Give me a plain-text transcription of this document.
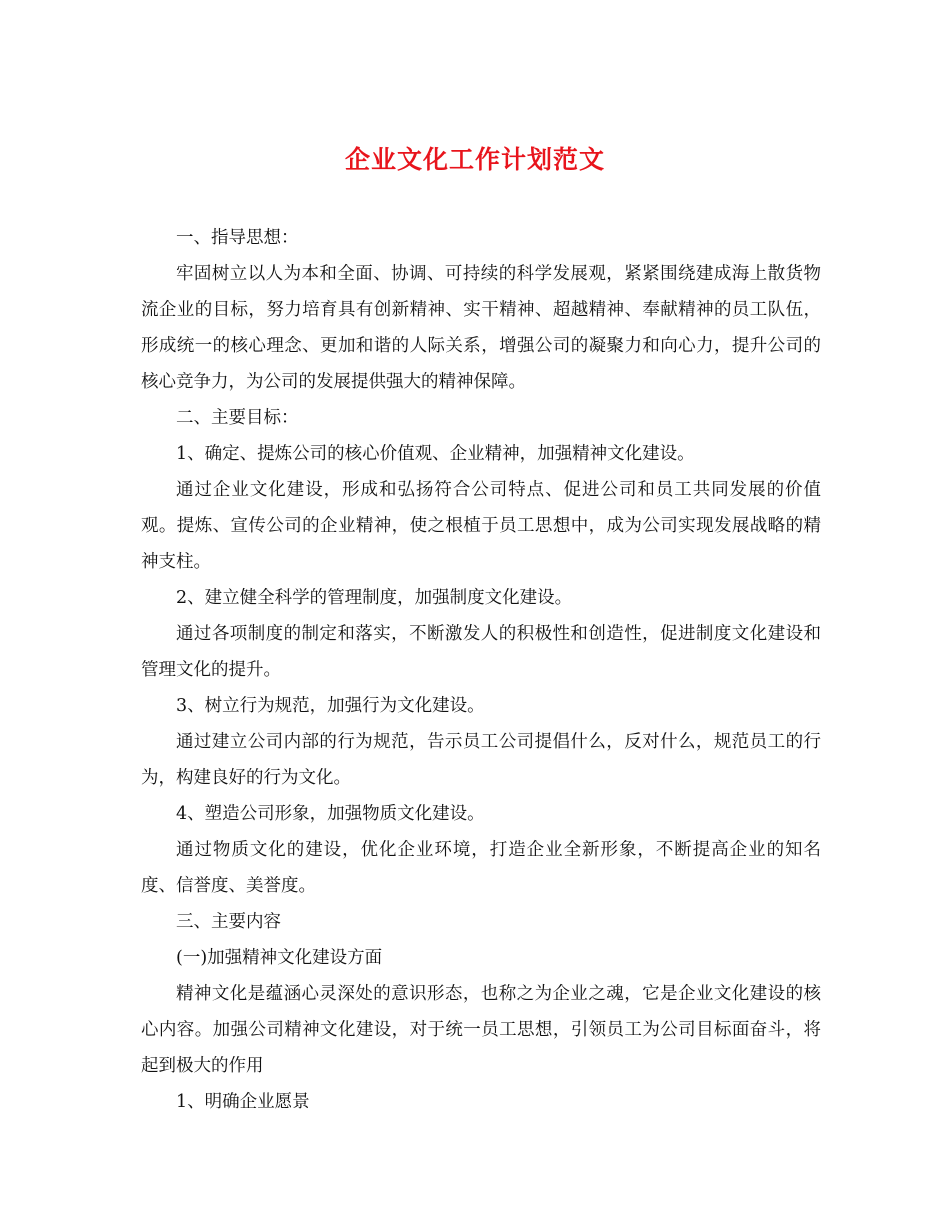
企业文化工作计划范文

一、指导思想：

牢固树立以人为本和全面、协调、可持续的科学发展观，紧紧围绕建成海上散货物流企业的目标，努力培育具有创新精神、实干精神、超越精神、奉献精神的员工队伍，形成统一的核心理念、更加和谐的人际关系，增强公司的凝聚力和向心力，提升公司的核心竞争力，为公司的发展提供强大的精神保障。

二、主要目标：

1、确定、提炼公司的核心价值观、企业精神，加强精神文化建设。

通过企业文化建设，形成和弘扬符合公司特点、促进公司和员工共同发展的价值观。提炼、宣传公司的企业精神，使之根植于员工思想中，成为公司实现发展战略的精神支柱。

2、建立健全科学的管理制度，加强制度文化建设。

通过各项制度的制定和落实，不断激发人的积极性和创造性，促进制度文化建设和管理文化的提升。

3、树立行为规范，加强行为文化建设。

通过建立公司内部的行为规范，告示员工公司提倡什么，反对什么，规范员工的行为，构建良好的行为文化。

4、塑造公司形象，加强物质文化建设。

通过物质文化的建设，优化企业环境，打造企业全新形象，不断提高企业的知名度、信誉度、美誉度。

三、主要内容

(一)加强精神文化建设方面

精神文化是蕴涵心灵深处的意识形态，也称之为企业之魂，它是企业文化建设的核心内容。加强公司精神文化建设，对于统一员工思想，引领员工为公司目标面奋斗，将起到极大的作用

1、明确企业愿景
